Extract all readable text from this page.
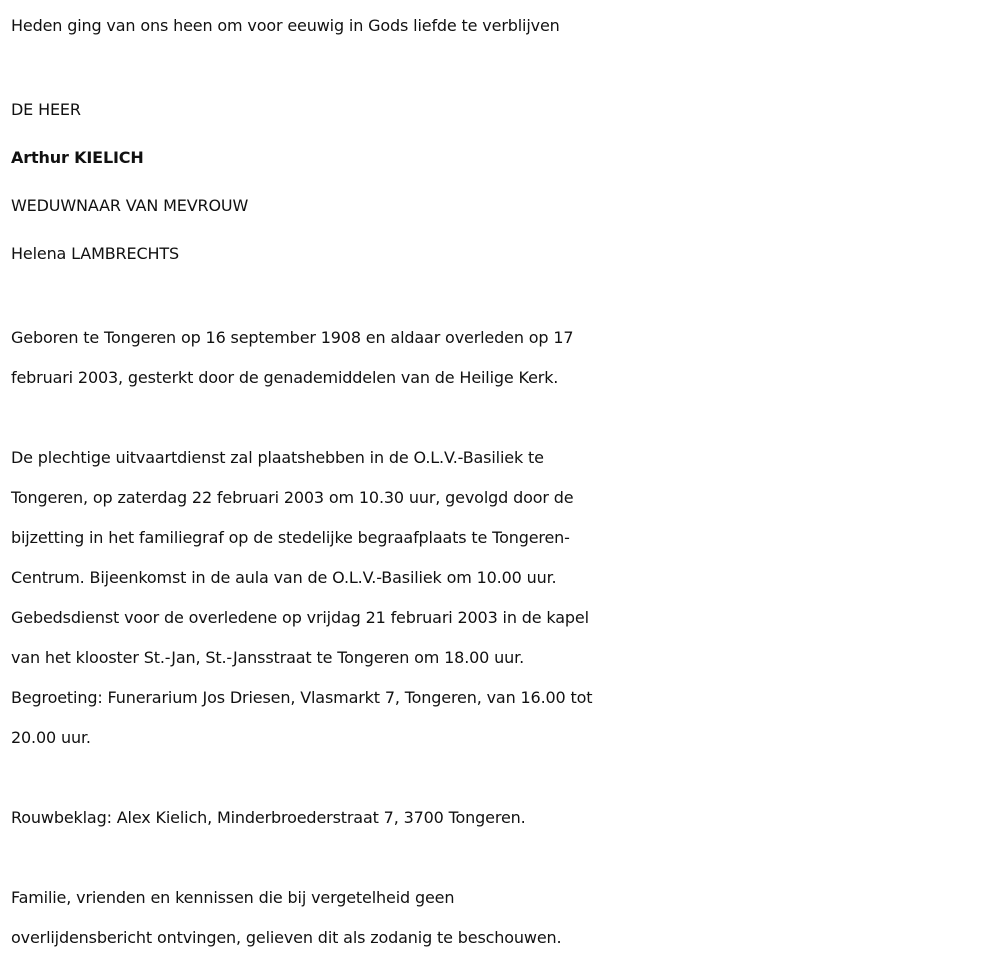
Heden ging van ons heen om voor eeuwig in Gods liefde te verblijven

DE HEER

Arthur KIELICH

WEDUWNAAR VAN MEVROUW

Helena LAMBRECHTS

Geboren te Tongeren op 16 september 1908 en aldaar overleden op 17

februari 2003, gesterkt door de genademiddelen van de Heilige Kerk.

De plechtige uitvaartdienst zal plaatshebben in de O.L.V.-Basiliek te

Tongeren, op zaterdag 22 februari 2003 om 10.30 uur, gevolgd door de

bijzetting in het familiegraf op de stedelijke begraafplaats te Tongeren-

Centrum. Bijeenkomst in de aula van de O.L.V.-Basiliek om 10.00 uur.

Gebedsdienst voor de overledene op vrijdag 21 februari 2003 in de kapel

van het klooster St.-Jan, St.-Jansstraat te Tongeren om 18.00 uur.

Begroeting: Funerarium Jos Driesen, Vlasmarkt 7, Tongeren, van 16.00 tot

20.00 uur.

Rouwbeklag: Alex Kielich, Minderbroederstraat 7, 3700 Tongeren.

Familie, vrienden en kennissen die bij vergetelheid geen

overlijdensbericht ontvingen, gelieven dit als zodanig te beschouwen.
